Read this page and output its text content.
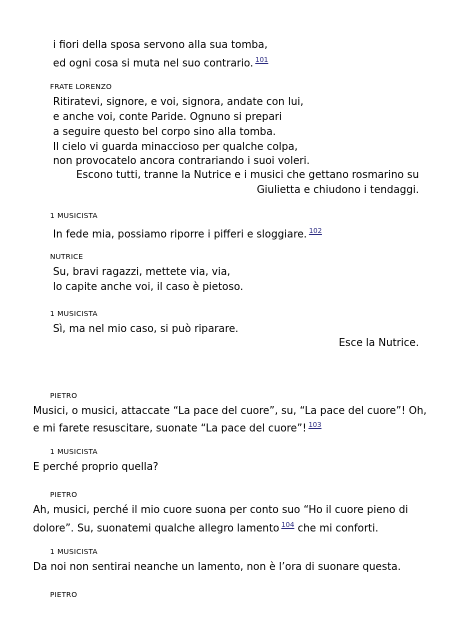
i fiori della sposa servono alla sua tomba,
ed ogni cosa si muta nel suo contrario. $^{101}$
FRATE LORENZO
Ritiratevi, signore, e voi, signora, andate con lui,
e anche voi, conte Paride. Ognuno si prepari
a seguire questo bel corpo sino alla tomba.
Il cielo vi guarda minaccioso per qualche colpa,
non provocatelo ancora contrariando i suoi voleri.
Escono tutti, tranne la Nutrice e i musici che gettano rosmarino su
Giulietta e chiudono i tendaggi.
1 MUSICISTA
In fede mia, possiamo riporre i pifferi e sloggiare. $^{102}$
NUTRICE
Su, bravi ragazzi, mettete via, via,
lo capite anche voi, il caso è pietoso.
1 MUSICISTA
Sì, ma nel mio caso, si può riparare.
Esce la Nutrice.
PIETRO
Musici, o musici, attaccate “La pace del cuore”, su, “La pace del cuore”! Oh,
e mi farete resuscitare, suonate “La pace del cuore”! $^{103}$
1 MUSICISTA
E perché proprio quella?
PIETRO
Ah, musici, perché il mio cuore suona per conto suo “Ho il cuore pieno di
dolore”. Su, suonatemi qualche allegro lamento $^{104}$ che mi conforti.
1 MUSICISTA
Da noi non sentirai neanche un lamento, non è l’ora di suonare questa.
PIETRO
